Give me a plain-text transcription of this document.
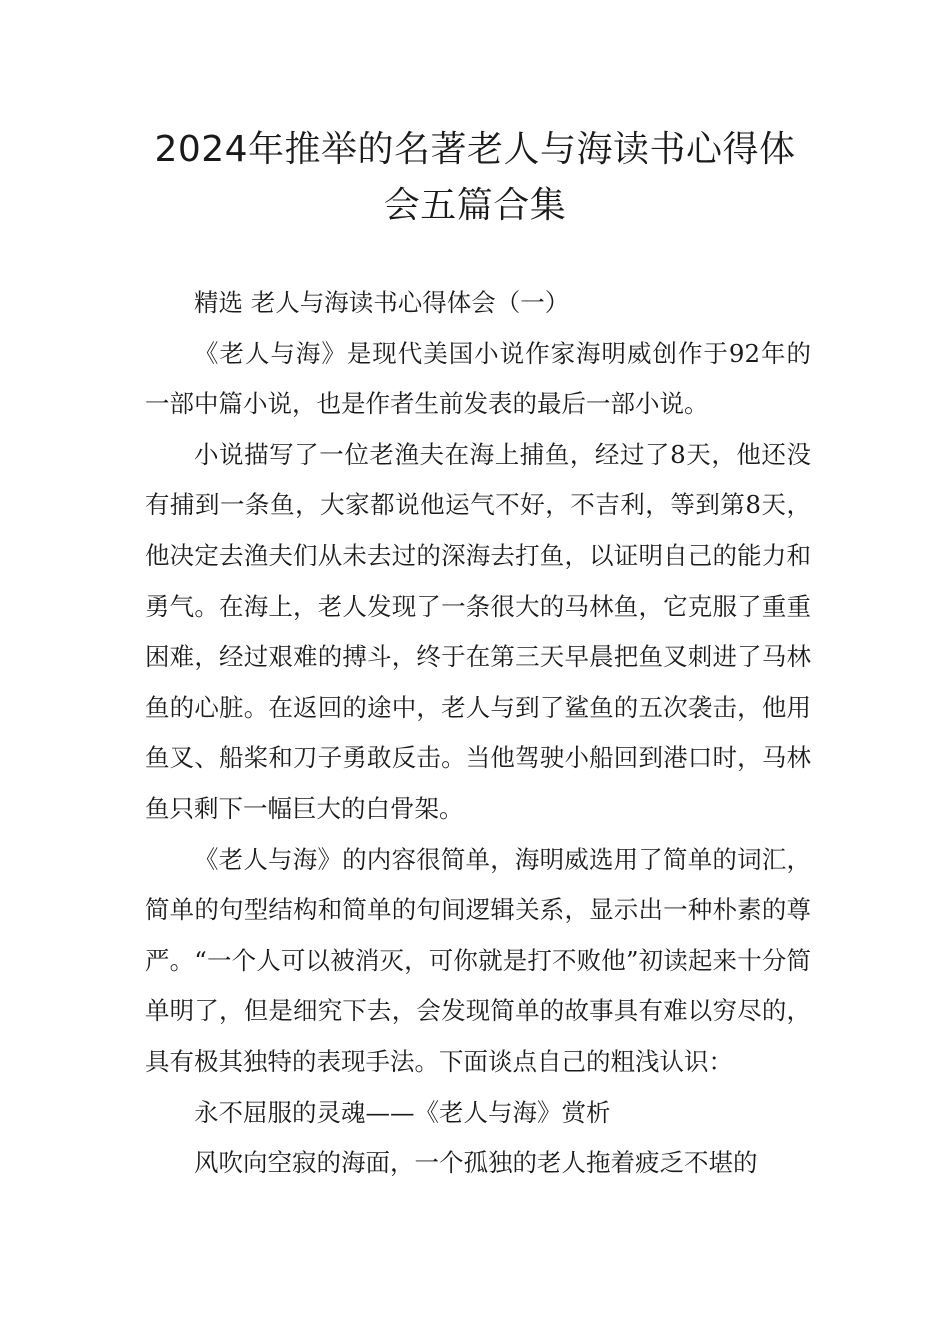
2024年推举的名著老人与海读书心得体
会五篇合集

精选 老人与海读书心得体会（一）

《老人与海》是现代美国小说作家海明威创作于92年的一部中篇小说，也是作者生前发表的最后一部小说。

小说描写了一位老渔夫在海上捕鱼，经过了8天，他还没有捕到一条鱼，大家都说他运气不好，不吉利，等到第8天，他决定去渔夫们从未去过的深海去打鱼，以证明自己的能力和勇气。在海上，老人发现了一条很大的马林鱼，它克服了重重困难，经过艰难的搏斗，终于在第三天早晨把鱼叉刺进了马林鱼的心脏。在返回的途中，老人与到了鲨鱼的五次袭击，他用鱼叉、船桨和刀子勇敢反击。当他驾驶小船回到港口时，马林鱼只剩下一幅巨大的白骨架。

《老人与海》的内容很简单，海明威选用了简单的词汇，简单的句型结构和简单的句间逻辑关系，显示出一种朴素的尊严。“一个人可以被消灭，可你就是打不败他”初读起来十分简单明了，但是细究下去，会发现简单的故事具有难以穷尽的，具有极其独特的表现手法。下面谈点自己的粗浅认识：

永不屈服的灵魂——《老人与海》赏析

风吹向空寂的海面，一个孤独的老人拖着疲乏不堪的
